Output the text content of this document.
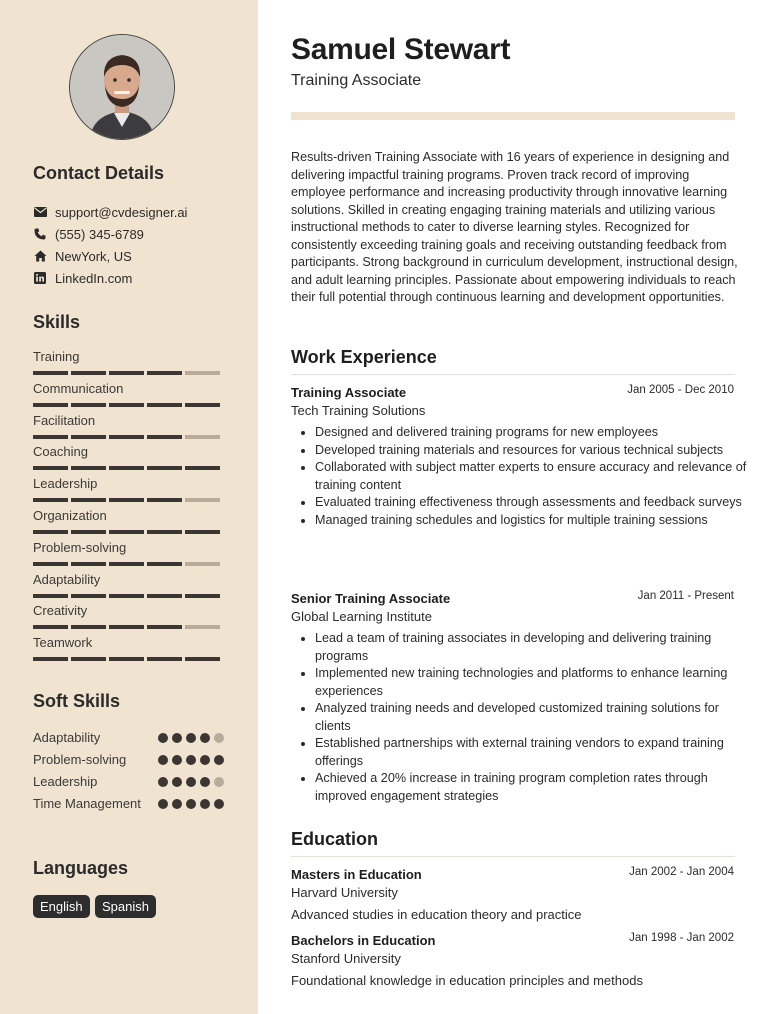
Contact Details
support@cvdesigner.ai
(555) 345-6789
NewYork, US
LinkedIn.com
Skills
Training
Communication
Facilitation
Coaching
Leadership
Organization
Problem-solving
Adaptability
Creativity
Teamwork
Soft Skills
Adaptability
Problem-solving
Leadership
Time Management
Languages
English	Spanish
Samuel Stewart
Training Associate

Results-driven Training Associate with 16 years of experience in designing and delivering impactful training programs. Proven track record of improving employee performance and increasing productivity through innovative learning solutions. Skilled in creating engaging training materials and utilizing various instructional methods to cater to diverse learning styles. Recognized for consistently exceeding training goals and receiving outstanding feedback from participants. Strong background in curriculum development, instructional design, and adult learning principles. Passionate about empowering individuals to reach their full potential through continuous learning and development opportunities.

Work Experience
Training Associate	Jan 2005 - Dec 2010
Tech Training Solutions
• Designed and delivered training programs for new employees
• Developed training materials and resources for various technical subjects
• Collaborated with subject matter experts to ensure accuracy and relevance of training content
• Evaluated training effectiveness through assessments and feedback surveys
• Managed training schedules and logistics for multiple training sessions
Senior Training Associate	Jan 2011 - Present
Global Learning Institute
• Lead a team of training associates in developing and delivering training programs
• Implemented new training technologies and platforms to enhance learning experiences
• Analyzed training needs and developed customized training solutions for clients
• Established partnerships with external training vendors to expand training offerings
• Achieved a 20% increase in training program completion rates through improved engagement strategies
Education
Masters in Education	Jan 2002 - Jan 2004
Harvard University
Advanced studies in education theory and practice
Bachelors in Education	Jan 1998 - Jan 2002
Stanford University
Foundational knowledge in education principles and methods
